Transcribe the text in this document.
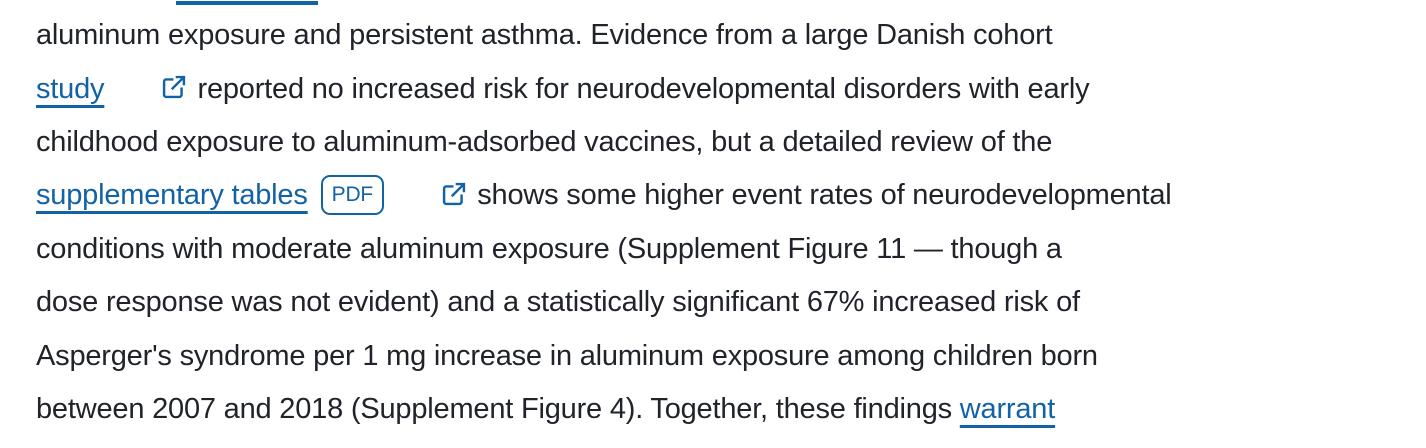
aluminum exposure and persistent asthma. Evidence from a large Danish cohort
study

	reported no increased risk for neurodevelopmental disorders with early
childhood exposure to aluminum-adsorbed vaccines, but a detailed review of the
supplementary tables	PDF

	shows some higher event rates of neurodevelopmental
conditions with moderate aluminum exposure (Supplement Figure 11 — though a
dose response was not evident) and a statistically significant 67% increased risk of
Asperger's syndrome per 1 mg increase in aluminum exposure among children born
between 2007 and 2018 (Supplement Figure 4). Together, these findings warrant
